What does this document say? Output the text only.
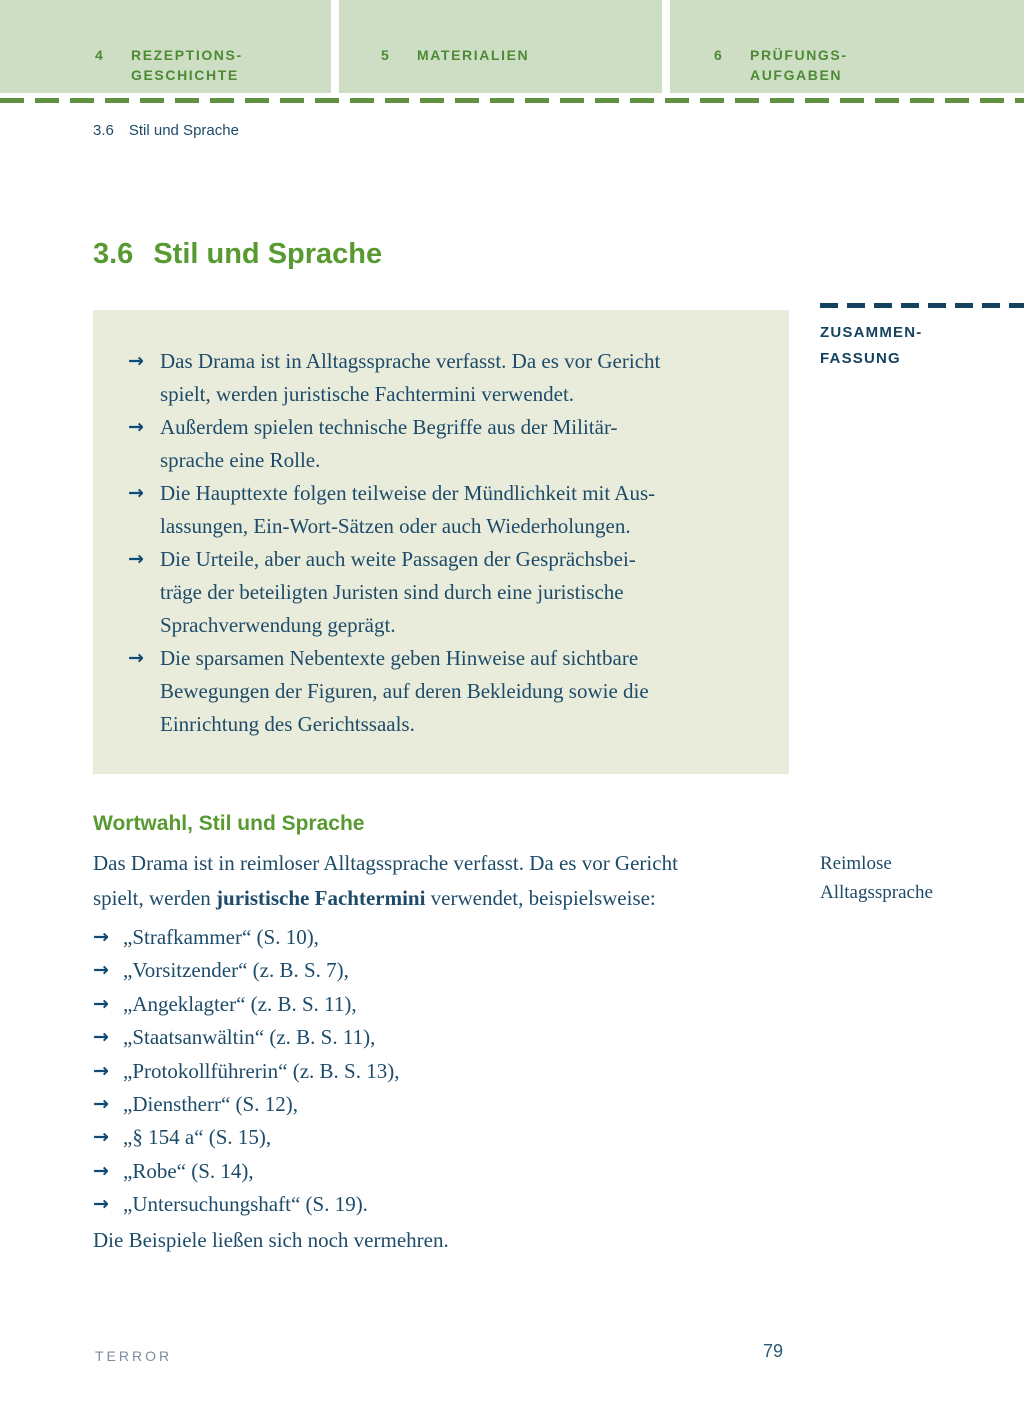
4	REZEPTIONS-
GESCHICHTE
5	MATERIALIEN	6	PRÜFUNGS-
AUFGABEN
3.6 Stil und Sprache
3.6 Stil und Sprache
→ Das Drama ist in Alltagssprache verfasst. Da es vor Gericht
spielt, werden juristische Fachtermini verwendet.
→ Außerdem spielen technische Begriffe aus der Militär-
sprache eine Rolle.
→ Die Haupttexte folgen teilweise der Mündlichkeit mit Aus-
lassungen, Ein-Wort-Sätzen oder auch Wiederholungen.
→ Die Urteile, aber auch weite Passagen der Gesprächsbei-
träge der beteiligten Juristen sind durch eine juristische
Sprachverwendung geprägt.
→ Die sparsamen Nebentexte geben Hinweise auf sichtbare
Bewegungen der Figuren, auf deren Bekleidung sowie die
Einrichtung des Gerichtssaals.
ZUSAMMEN-
FASSUNG
Wortwahl, Stil und Sprache
Das Drama ist in reimloser Alltagssprache verfasst. Da es vor Gericht
spielt, werden juristische Fachtermini verwendet, beispielsweise:
Reimlose
Alltagssprache
→ „Strafkammer“ (S. 10),
→ „Vorsitzender“ (z. B. S. 7),
→ „Angeklagter“ (z. B. S. 11),
→ „Staatsanwältin“ (z. B. S. 11),
→ „Protokollführerin“ (z. B. S. 13),
→ „Dienstherr“ (S. 12),
→ „§ 154 a“ (S. 15),
→ „Robe“ (S. 14),
→ „Untersuchungshaft“ (S. 19).
Die Beispiele ließen sich noch vermehren.
TERROR	79
